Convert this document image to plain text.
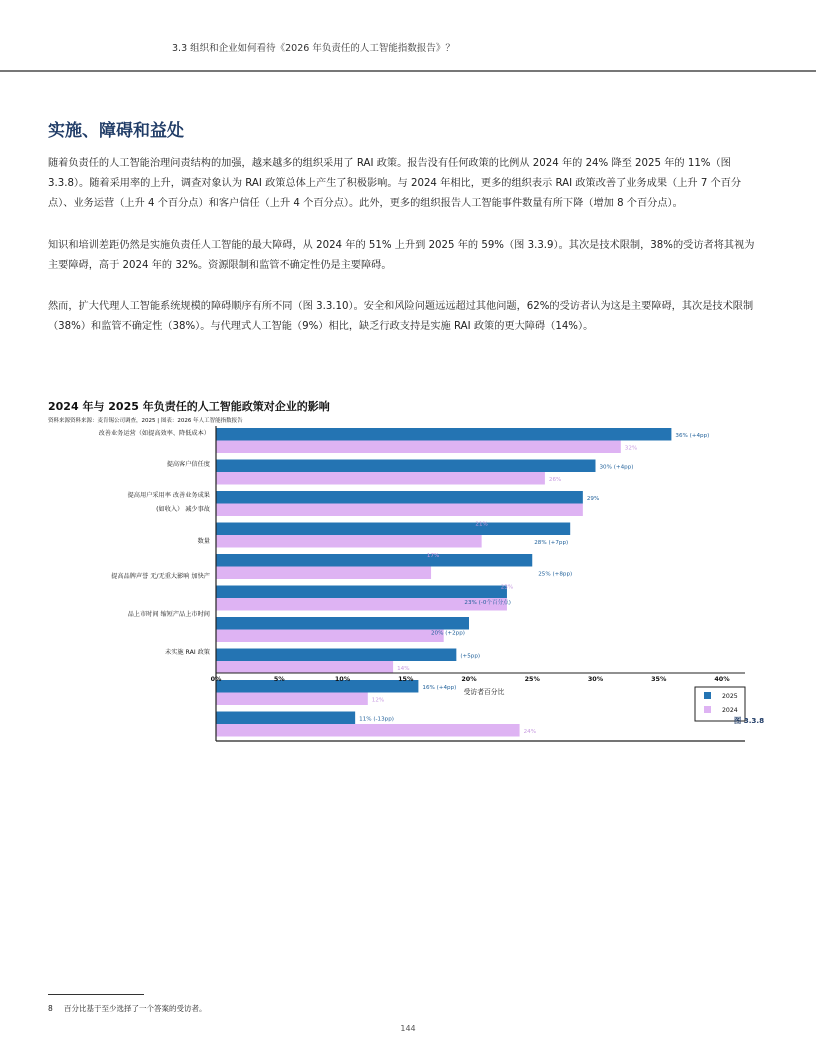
3.3 组织和企业如何看待《2026 年负责任的人工智能指数报告》？
实施、障碍和益处
随着负责任的人工智能治理问责结构的加强，越来越多的组织采用了 RAI 政策。报告没有任何政策的比例从 2024 年的 24% 降至 2025 年的 11%（图 3.3.8）。随着采用率的上升，调查对象认为 RAI 政策总体上产生了积极影响。与 2024 年相比，更多的组织表示 RAI 政策改善了业务成果（上升 7 个百分点）、业务运营（上升 4 个百分点）和客户信任（上升 4 个百分点）。此外，更多的组织报告人工智能事件数量有所下降（增加 8 个百分点）。
知识和培训差距仍然是实施负责任人工智能的最大障碍，从 2024 年的 51% 上升到 2025 年的 59%（图 3.3.9）。其次是技术限制，38%的受访者将其视为主要障碍，高于 2024 年的 32%。资源限制和监管不确定性仍是主要障碍。
然而，扩大代理人工智能系统规模的障碍顺序有所不同（图 3.3.10）。安全和风险问题远远超过其他问题，62%的受访者认为这是主要障碍，其次是技术限制（38%）和监管不确定性（38%）。与代理式人工智能（9%）相比，缺乏行政支持是实施 RAI 政策的更大障碍（14%）。
2024 年与 2025 年负责任的人工智能政策对企业的影响
资料来源资料来源：麦肯锡公司调查，2025 | 图表：2026 年人工智能指数报告
36% (+4pp)
32%
30% (+4pp)
26%
29%
28% (+7pp)
21%
25% (+8pp)
17%
23% (-0个百分点)
23%
20% (+2pp)
(+5pp)
14%
16% (+4pp)
12%
11% (-13pp)
24%
改善业务运营（如提高效率、降低成本）
提高客户信任度
提高用户采用率 改善业务成果
(如收入） 减少事故
数量
提高品牌声誉 无/无重大影响 加快产
品上市时间 缩短产品上市时间
未实施 RAI 政策
0%	5%	10%	15%	20%	25%	30%	35%	40%
受访者百分比
2025
2024
图 3.3.8
8 百分比基于至少选择了一个答案的受访者。
144
